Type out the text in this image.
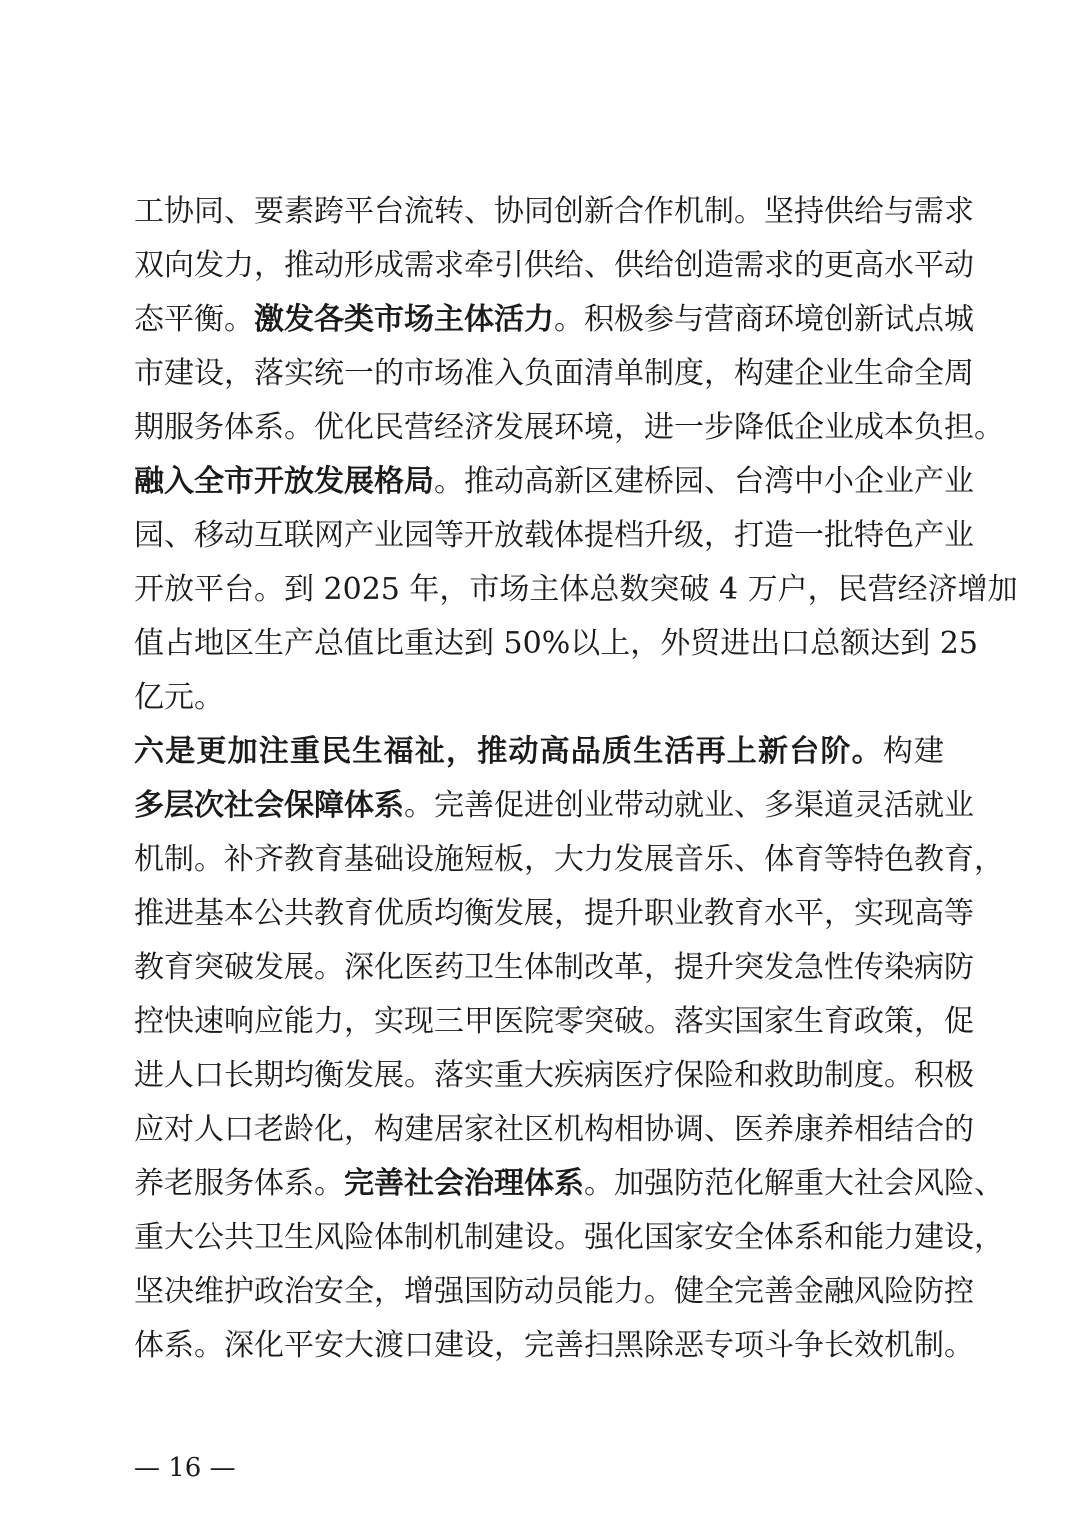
工协同、要素跨平台流转、协同创新合作机制。坚持供给与需求
双向发力，推动形成需求牵引供给、供给创造需求的更高水平动
态平衡。激发各类市场主体活力。积极参与营商环境创新试点城
市建设，落实统一的市场准入负面清单制度，构建企业生命全周
期服务体系。优化民营经济发展环境，进一步降低企业成本负担。
融入全市开放发展格局。推动高新区建桥园、台湾中小企业产业
园、移动互联网产业园等开放载体提档升级，打造一批特色产业
开放平台。到 2025 年，市场主体总数突破 4 万户，民营经济增加
值占地区生产总值比重达到 50%以上，外贸进出口总额达到 25
亿元。
六是更加注重民生福祉，推动高品质生活再上新台阶。构建
多层次社会保障体系。完善促进创业带动就业、多渠道灵活就业
机制。补齐教育基础设施短板，大力发展音乐、体育等特色教育，
推进基本公共教育优质均衡发展，提升职业教育水平，实现高等
教育突破发展。深化医药卫生体制改革，提升突发急性传染病防
控快速响应能力，实现三甲医院零突破。落实国家生育政策，促
进人口长期均衡发展。落实重大疾病医疗保险和救助制度。积极
应对人口老龄化，构建居家社区机构相协调、医养康养相结合的
养老服务体系。完善社会治理体系。加强防范化解重大社会风险、
重大公共卫生风险体制机制建设。强化国家安全体系和能力建设，
坚决维护政治安全，增强国防动员能力。健全完善金融风险防控
体系。深化平安大渡口建设，完善扫黑除恶专项斗争长效机制。
— 16 —
